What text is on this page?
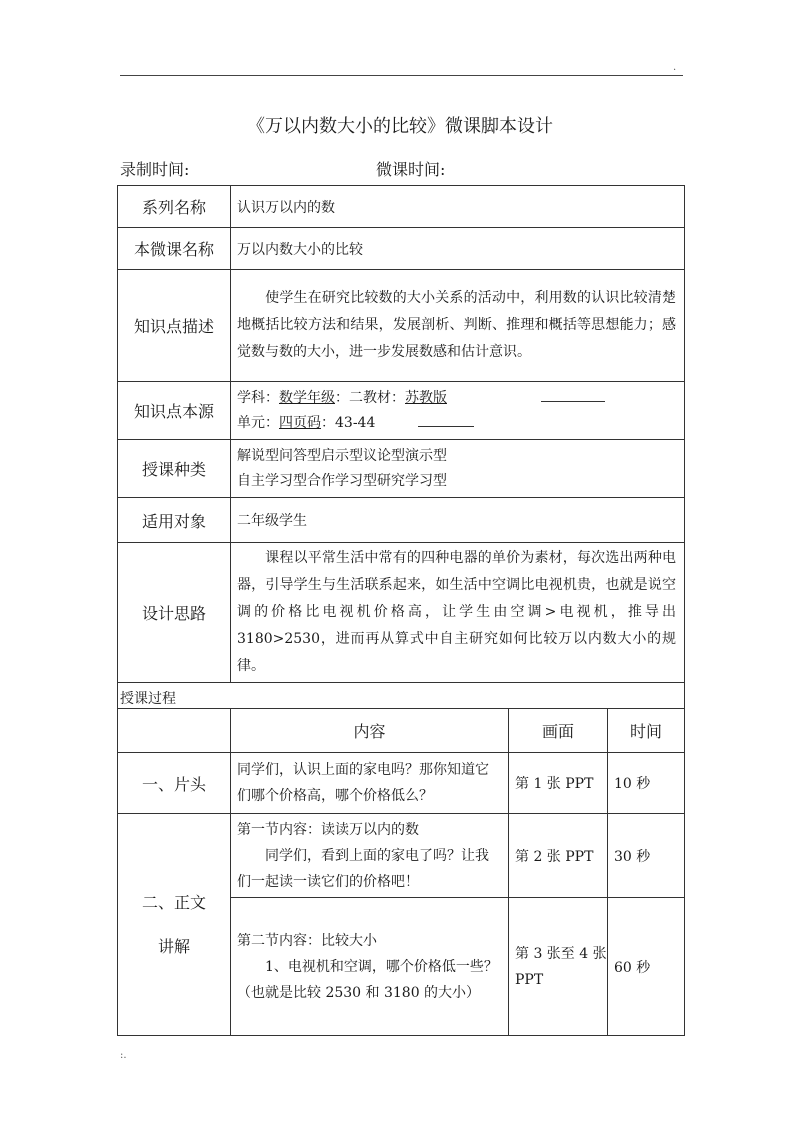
.
《万以内数大小的比较》微课脚本设计
录制时间:	微课时间:
系列名称	认识万以内的数		
本微课名称	万以内数大小的比较		
知识点描述	使学生在研究比较数的大小关系的活动中，利用数的认识比较清楚地概括比较方法和结果，发展剖析、判断、推理和概括等思想能力；感觉数与数的大小，进一步发展数感和估计意识。		
知识点本源	学科：数学年级：二教材：苏教版
单元：四页码：43-44		

授课种类	解说型问答型启示型议论型演示型
自主学习型合作学习型研究学习型		

适用对象	二年级学生		
设计思路	课程以平常生活中常有的四种电器的单价为素材，每次选出两种电器，引导学生与生活联系起来，如生活中空调比电视机贵，也就是说空调的价格比电视机价格高，让学生由空调>电视机，推导出 3180>2530，进而再从算式中自主研究如何比较万以内数大小的规律。		
授课过程			
	内容	画面	时间
一、片头	同学们，认识上面的家电吗？那你知道它们哪个价格高，哪个价格低么？	第 1 张 PPT	10 秒

二、正文讲解	第一节内容：读读万以内的数
同学们，看到上面的家电了吗？让我们一起读一读它们的价格吧！	第 2 张 PPT	30 秒

	第二节内容：比较大小
1、电视机和空调，哪个价格低一些？（也就是比较 2530 和 3180 的大小）	第 3 张至 4 张 PPT	60 秒
:.
